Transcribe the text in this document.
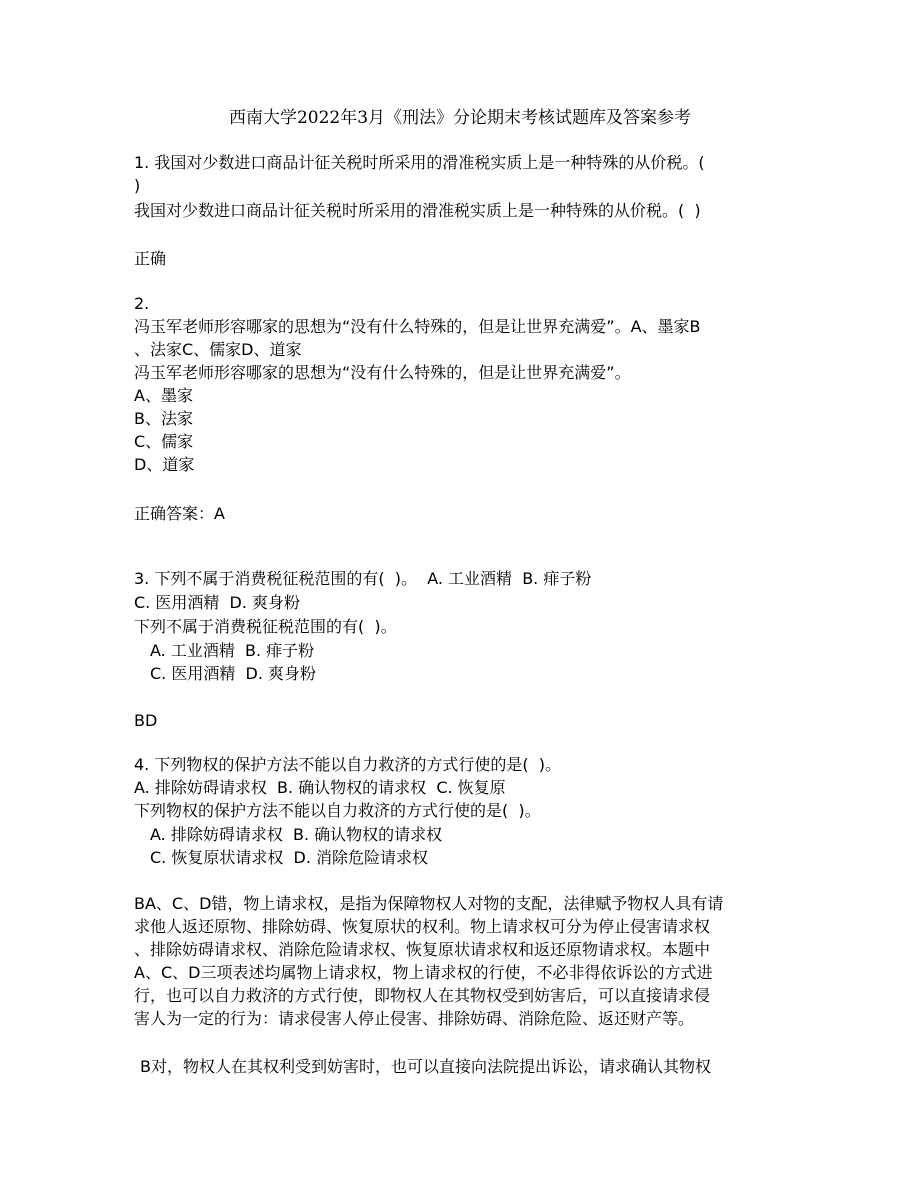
西南大学2022年3月《刑法》分论期末考核试题库及答案参考
1. 我国对少数进口商品计征关税时所采用的滑准税实质上是一种特殊的从价税。(
)
我国对少数进口商品计征关税时所采用的滑准税实质上是一种特殊的从价税。(  )
正确
2.
冯玉军老师形容哪家的思想为“没有什么特殊的，但是让世界充满爱”。A、墨家B
、法家C、儒家D、道家
冯玉军老师形容哪家的思想为“没有什么特殊的，但是让世界充满爱”。
A、墨家
B、法家
C、儒家
D、道家
正确答案：A
3. 下列不属于消费税征税范围的有(  )。  A. 工业酒精  B. 痱子粉
C. 医用酒精  D. 爽身粉
下列不属于消费税征税范围的有(  )。
A. 工业酒精  B. 痱子粉
C. 医用酒精  D. 爽身粉
BD
4. 下列物权的保护方法不能以自力救济的方式行使的是(  )。
A. 排除妨碍请求权  B. 确认物权的请求权  C. 恢复原
下列物权的保护方法不能以自力救济的方式行使的是(  )。
A. 排除妨碍请求权  B. 确认物权的请求权
C. 恢复原状请求权  D. 消除危险请求权
BA、C、D错，物上请求权，是指为保障物权人对物的支配，法律赋予物权人具有请
求他人返还原物、排除妨碍、恢复原状的权利。物上请求权可分为停止侵害请求权
、排除妨碍请求权、消除危险请求权、恢复原状请求权和返还原物请求权。本题中
A、C、D三项表述均属物上请求权，物上请求权的行使，不必非得依诉讼的方式进
行，也可以自力救济的方式行使，即物权人在其物权受到妨害后，可以直接请求侵
害人为一定的行为：请求侵害人停止侵害、排除妨碍、消除危险、返还财产等。
B对，物权人在其权利受到妨害时，也可以直接向法院提出诉讼，请求确认其物权
